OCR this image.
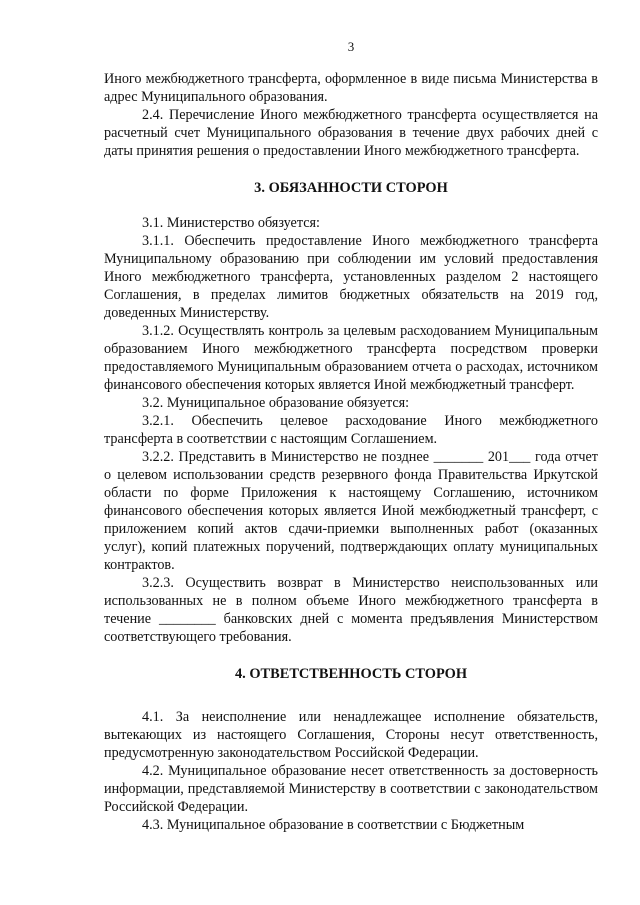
3

Иного межбюджетного трансферта, оформленное в виде письма Министерства в адрес Муниципального образования.

2.4. Перечисление Иного межбюджетного трансферта осуществляется на расчетный счет Муниципального образования в течение двух рабочих дней с даты принятия решения о предоставлении Иного межбюджетного трансферта.

3. ОБЯЗАННОСТИ СТОРОН

3.1. Министерство обязуется:

3.1.1. Обеспечить предоставление Иного межбюджетного трансферта Муниципальному образованию при соблюдении им условий предоставления Иного межбюджетного трансферта, установленных разделом 2 настоящего Соглашения, в пределах лимитов бюджетных обязательств на 2019 год, доведенных Министерству.

3.1.2. Осуществлять контроль за целевым расходованием Муниципальным образованием Иного межбюджетного трансферта посредством проверки предоставляемого Муниципальным образованием отчета о расходах, источником финансового обеспечения которых является Иной межбюджетный трансферт.

3.2. Муниципальное образование обязуется:

3.2.1. Обеспечить целевое расходование Иного межбюджетного трансферта в соответствии с настоящим Соглашением.

3.2.2. Представить в Министерство не позднее _______ 201___ года отчет о целевом использовании средств резервного фонда Правительства Иркутской области по форме Приложения к настоящему Соглашению, источником финансового обеспечения которых является Иной межбюджетный трансферт, с приложением копий актов сдачи-приемки выполненных работ (оказанных услуг), копий платежных поручений, подтверждающих оплату муниципальных контрактов.

3.2.3. Осуществить возврат в Министерство неиспользованных или использованных не в полном объеме Иного межбюджетного трансферта в течение ________ банковских дней с момента предъявления Министерством соответствующего требования.

4. ОТВЕТСТВЕННОСТЬ СТОРОН

4.1. За неисполнение или ненадлежащее исполнение обязательств, вытекающих из настоящего Соглашения, Стороны несут ответственность, предусмотренную законодательством Российской Федерации.

4.2. Муниципальное образование несет ответственность за достоверность информации, представляемой Министерству в соответствии с законодательством Российской Федерации.

4.3. Муниципальное образование в соответствии с Бюджетным
